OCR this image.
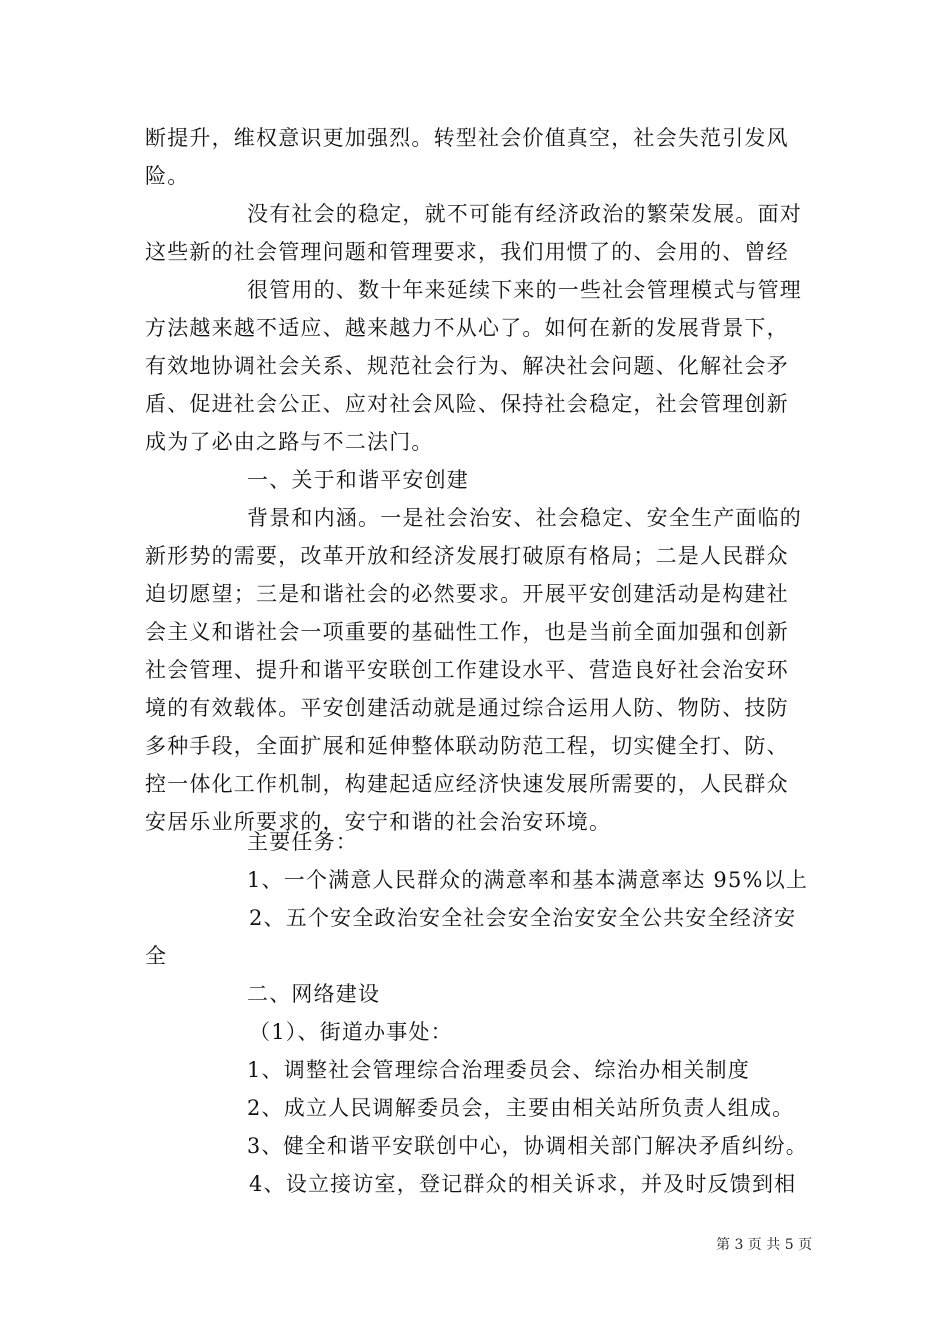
断提升，维权意识更加强烈。转型社会价值真空，社会失范引发风
险。
没有社会的稳定，就不可能有经济政治的繁荣发展。面对
这些新的社会管理问题和管理要求，我们用惯了的、会用的、曾经
很管用的、数十年来延续下来的一些社会管理模式与管理
方法越来越不适应、越来越力不从心了。如何在新的发展背景下，
有效地协调社会关系、规范社会行为、解决社会问题、化解社会矛
盾、促进社会公正、应对社会风险、保持社会稳定，社会管理创新
成为了必由之路与不二法门。
一、关于和谐平安创建
背景和内涵。一是社会治安、社会稳定、安全生产面临的
新形势的需要，改革开放和经济发展打破原有格局；二是人民群众
迫切愿望；三是和谐社会的必然要求。开展平安创建活动是构建社
会主义和谐社会一项重要的基础性工作，也是当前全面加强和创新
社会管理、提升和谐平安联创工作建设水平、营造良好社会治安环
境的有效载体。平安创建活动就是通过综合运用人防、物防、技防
多种手段，全面扩展和延伸整体联动防范工程，切实健全打、防、
控一体化工作机制，构建起适应经济快速发展所需要的，人民群众
安居乐业所要求的，安宁和谐的社会治安环境。
主要任务：
1、一个满意人民群众的满意率和基本满意率达 95%以上
2、五个安全政治安全社会安全治安安全公共安全经济安
全
二、网络建设
（1）、街道办事处：
1、调整社会管理综合治理委员会、综治办相关制度
2、成立人民调解委员会，主要由相关站所负责人组成。
3、健全和谐平安联创中心，协调相关部门解决矛盾纠纷。
4、设立接访室，登记群众的相关诉求，并及时反馈到相
第 3 页 共 5 页
